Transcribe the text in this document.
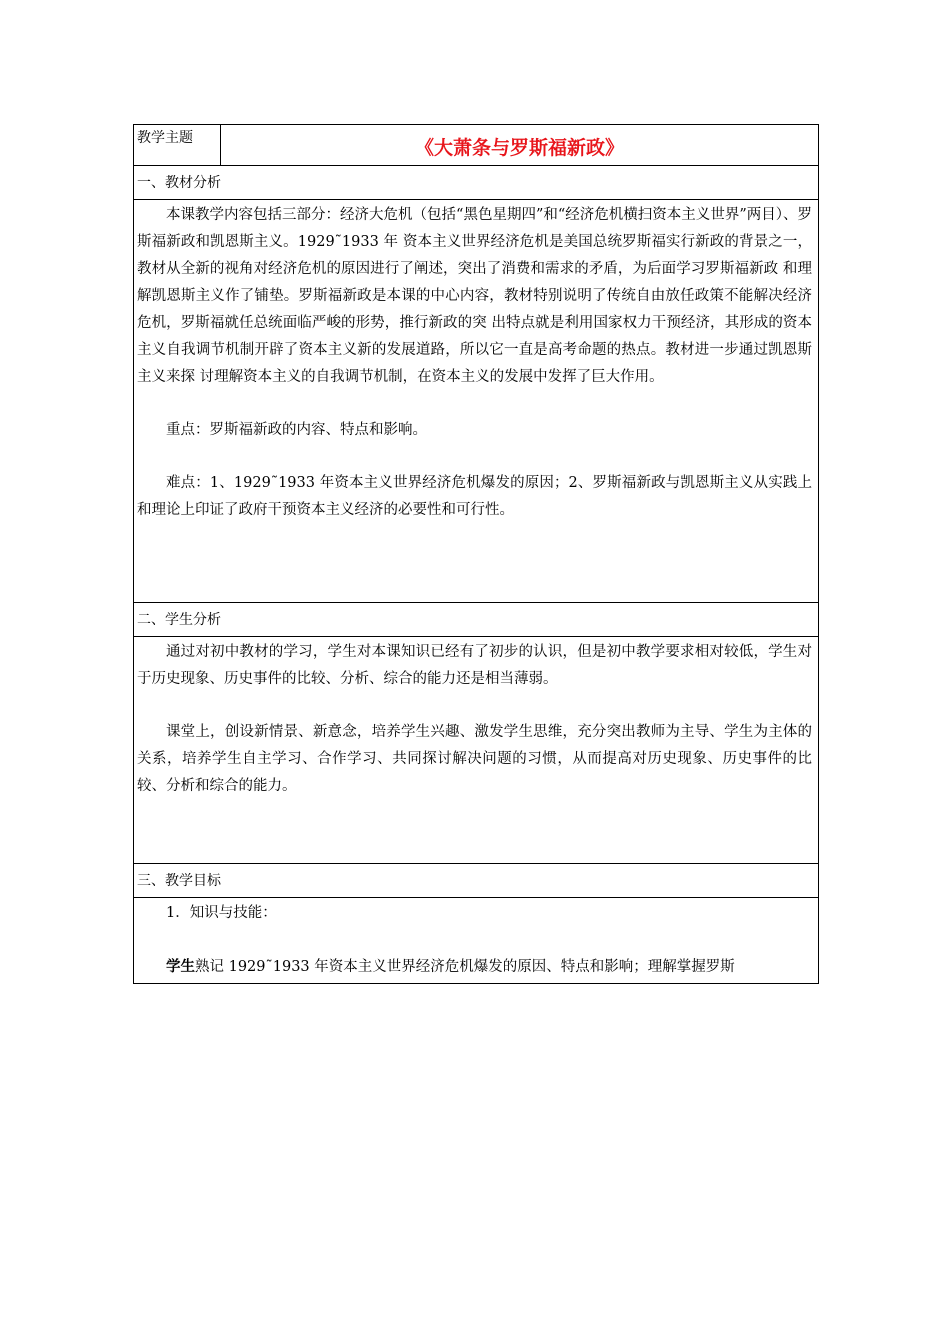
教学主题	《大萧条与罗斯福新政》
一、教材分析

本课教学内容包括三部分：经济大危机（包括“黑色星期四”和“经济危机横扫资本主义世界”两目）、罗斯福新政和凯恩斯主义。1929˜1933 年 资本主义世界经济危机是美国总统罗斯福实行新政的背景之一，教材从全新的视角对经济危机的原因进行了阐述，突出了消费和需求的矛盾，为后面学习罗斯福新政 和理解凯恩斯主义作了铺垫。罗斯福新政是本课的中心内容，教材特别说明了传统自由放任政策不能解决经济危机，罗斯福就任总统面临严峻的形势，推行新政的突 出特点就是利用国家权力干预经济，其形成的资本主义自我调节机制开辟了资本主义新的发展道路，所以它一直是高考命题的热点。教材进一步通过凯恩斯主义来探 讨理解资本主义的自我调节机制，在资本主义的发展中发挥了巨大作用。

重点：罗斯福新政的内容、特点和影响。

难点：1、1929˜1933 年资本主义世界经济危机爆发的原因；2、罗斯福新政与凯恩斯主义从实践上和理论上印证了政府干预资本主义经济的必要性和可行性。

二、学生分析

通过对初中教材的学习，学生对本课知识已经有了初步的认识，但是初中教学要求相对较低，学生对于历史现象、历史事件的比较、分析、综合的能力还是相当薄弱。

课堂上，创设新情景、新意念，培养学生兴趣、激发学生思维，充分突出教师为主导、学生为主体的关系，培养学生自主学习、合作学习、共同探讨解决问题的习惯，从而提高对历史现象、历史事件的比较、分析和综合的能力。

三、教学目标

1．知识与技能：

学生熟记 1929˜1933 年资本主义世界经济危机爆发的原因、特点和影响；理解掌握罗斯
